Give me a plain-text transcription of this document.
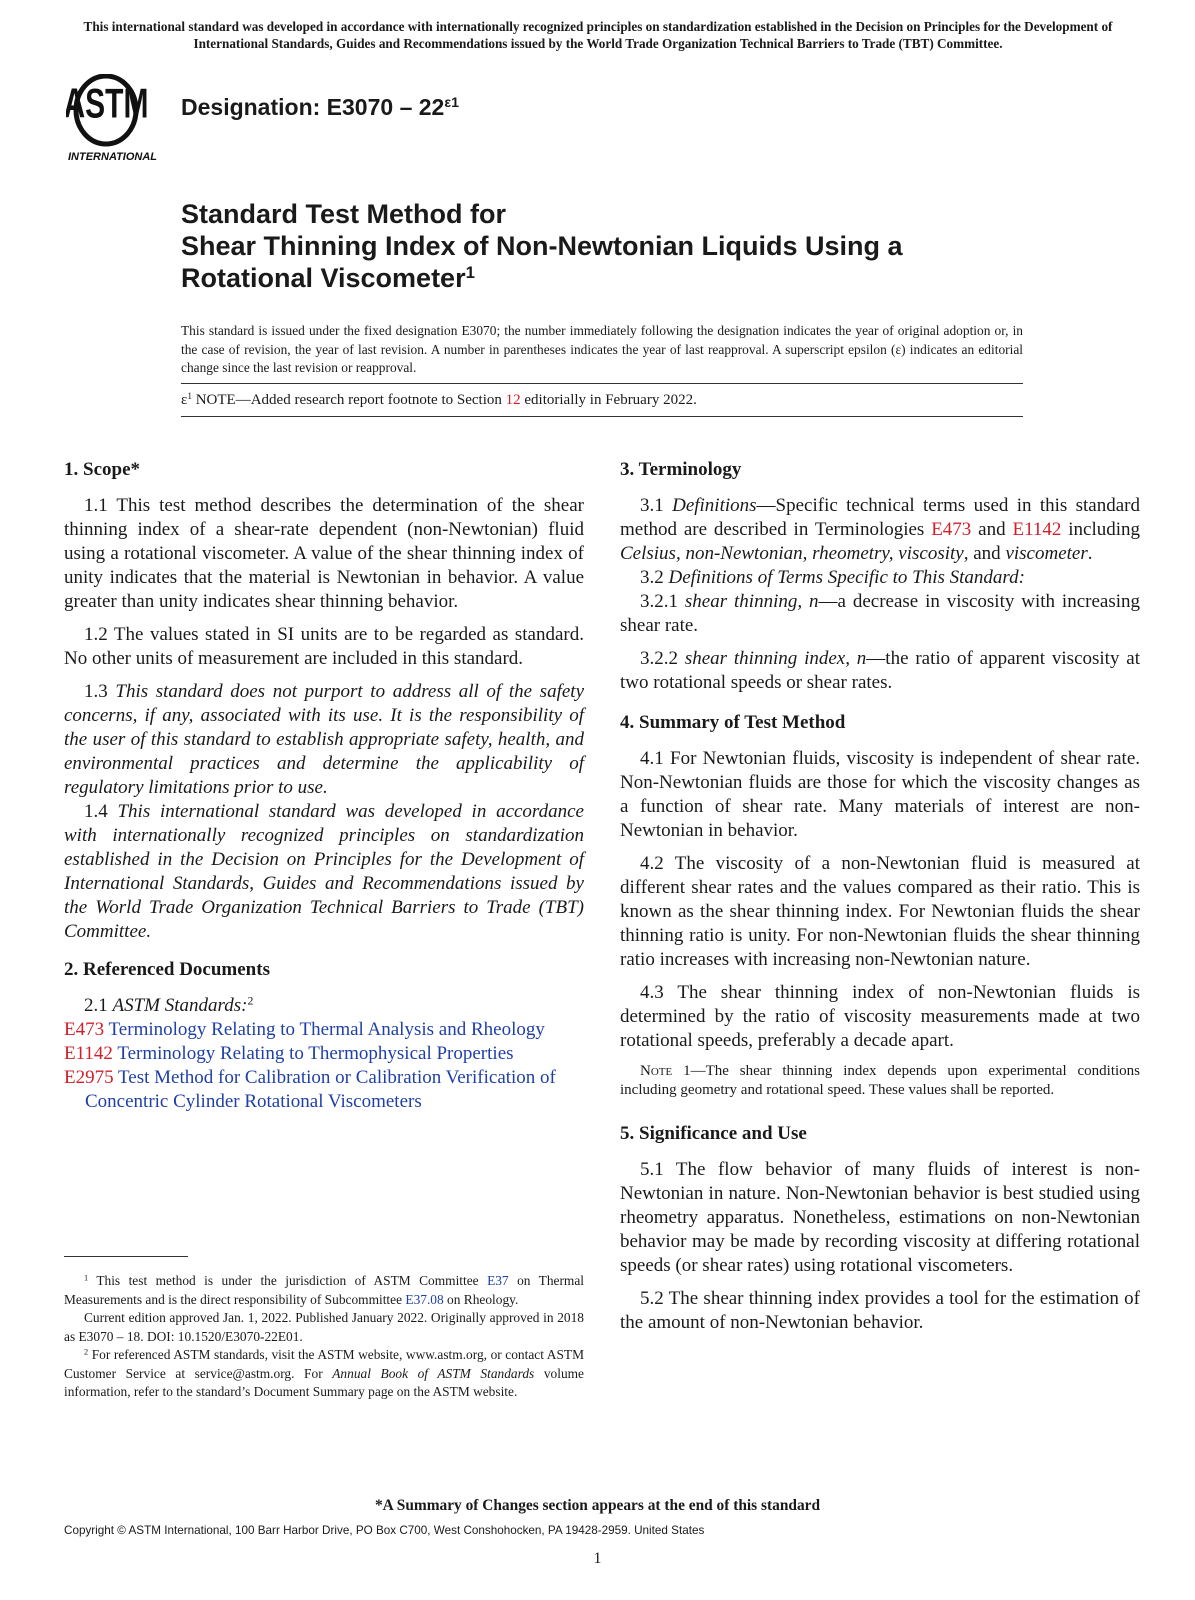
This international standard was developed in accordance with internationally recognized principles on standardization established in the Decision on Principles for the Development of International Standards, Guides and Recommendations issued by the World Trade Organization Technical Barriers to Trade (TBT) Committee.
ASTM
INTERNATIONAL
Designation: $E3070 - 22^{\varepsilon 1}$
Standard Test Method for
Shear Thinning Index of Non-Newtonian Liquids Using a Rotational Viscometer$^1$
This standard is issued under the fixed designation E3070; the number immediately following the designation indicates the year of original adoption or, in the case of revision, the year of last revision. A number in parentheses indicates the year of last reapproval. A superscript epsilon (ε) indicates an editorial change since the last revision or reapproval.
$\varepsilon^1$ NOTE—Added research report footnote to Section 12 editorially in February 2022.
1. Scope*

1.1 This test method describes the determination of the shear thinning index of a shear-rate dependent (non-Newtonian) fluid using a rotational viscometer. A value of the shear thinning index of unity indicates that the material is Newtonian in behavior. A value greater than unity indicates shear thinning behavior.

1.2 The values stated in SI units are to be regarded as standard. No other units of measurement are included in this standard.

1.3 This standard does not purport to address all of the safety concerns, if any, associated with its use. It is the responsibility of the user of this standard to establish appropriate safety, health, and environmental practices and determine the applicability of regulatory limitations prior to use.

1.4 This international standard was developed in accordance with internationally recognized principles on standardization established in the Decision on Principles for the Development of International Standards, Guides and Recommendations issued by the World Trade Organization Technical Barriers to Trade (TBT) Committee.

2. Referenced Documents

2.1 ASTM Standards:$^2$

E473 Terminology Relating to Thermal Analysis and Rheology

E1142 Terminology Relating to Thermophysical Properties

E2975 Test Method for Calibration or Calibration Verification of Concentric Cylinder Rotational Viscometers

3. Terminology

3.1 Definitions—Specific technical terms used in this standard method are described in Terminologies E473 and E1142 including Celsius, non-Newtonian, rheometry, viscosity, and viscometer.

3.2 Definitions of Terms Specific to This Standard:

3.2.1 shear thinning, n—a decrease in viscosity with increasing shear rate.

3.2.2 shear thinning index, n—the ratio of apparent viscosity at two rotational speeds or shear rates.

4. Summary of Test Method

4.1 For Newtonian fluids, viscosity is independent of shear rate. Non-Newtonian fluids are those for which the viscosity changes as a function of shear rate. Many materials of interest are non-Newtonian in behavior.

4.2 The viscosity of a non-Newtonian fluid is measured at different shear rates and the values compared as their ratio. This is known as the shear thinning index. For Newtonian fluids the shear thinning ratio is unity. For non-Newtonian fluids the shear thinning ratio increases with increasing non-Newtonian nature.

4.3 The shear thinning index of non-Newtonian fluids is determined by the ratio of viscosity measurements made at two rotational speeds, preferably a decade apart.

Note 1—The shear thinning index depends upon experimental conditions including geometry and rotational speed. These values shall be reported.
5. Significance and Use

5.1 The flow behavior of many fluids of interest is non-Newtonian in nature. Non-Newtonian behavior is best studied using rheometry apparatus. Nonetheless, estimations on non-Newtonian behavior may be made by recording viscosity at differing rotational speeds (or shear rates) using rotational viscometers.

5.2 The shear thinning index provides a tool for the estimation of the amount of non-Newtonian behavior.

$^1$ This test method is under the jurisdiction of ASTM Committee E37 on Thermal Measurements and is the direct responsibility of Subcommittee E37.08 on Rheology.

Current edition approved Jan. 1, 2022. Published January 2022. Originally approved in 2018 as E3070 – 18. DOI: 10.1520/E3070-22E01.

$^2$ For referenced ASTM standards, visit the ASTM website, www.astm.org, or contact ASTM Customer Service at service@astm.org. For Annual Book of ASTM Standards volume information, refer to the standard’s Document Summary page on the ASTM website.

*A Summary of Changes section appears at the end of this standard
Copyright © ASTM International, 100 Barr Harbor Drive, PO Box C700, West Conshohocken, PA 19428-2959. United States
1
